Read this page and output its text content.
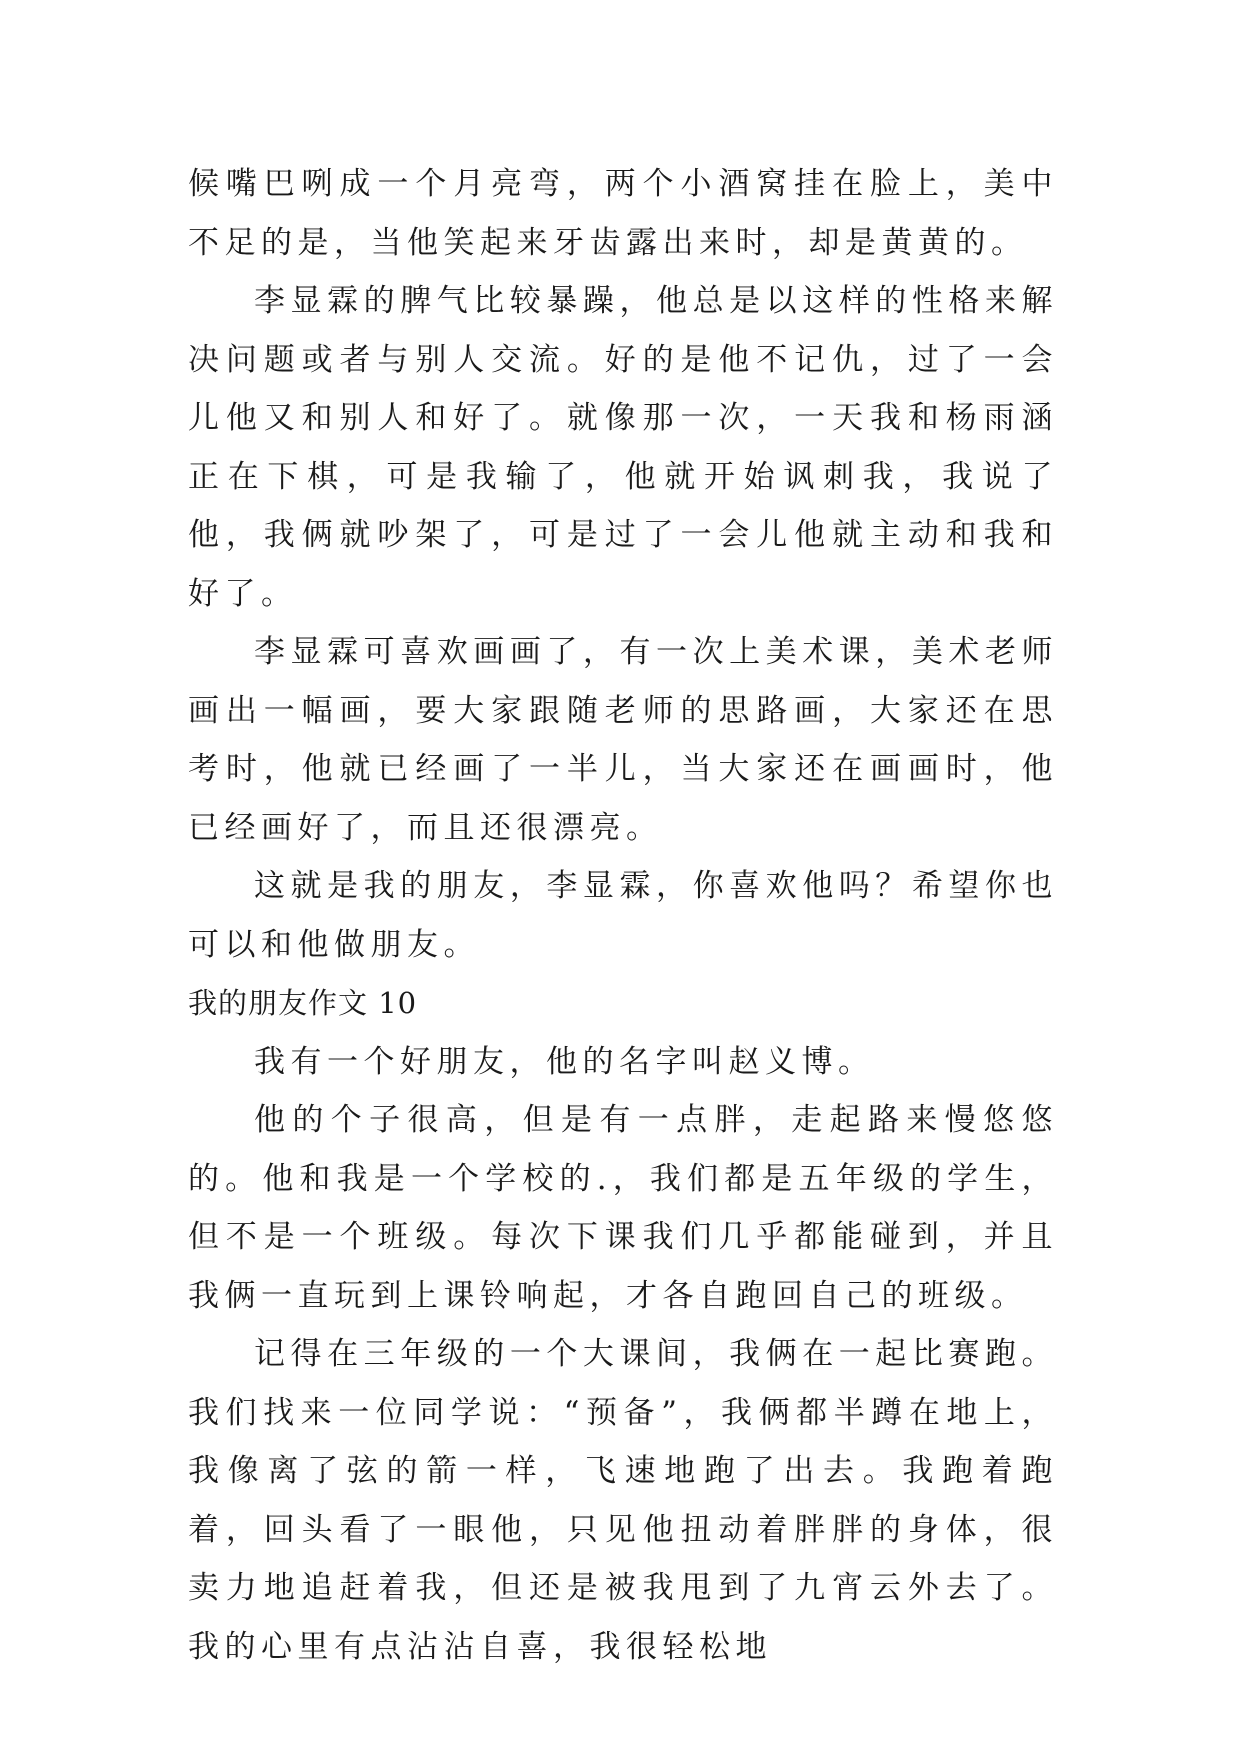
候嘴巴咧成一个月亮弯，两个小酒窝挂在脸上，美中不足的是，当他笑起来牙齿露出来时，却是黄黄的。

李显霖的脾气比较暴躁，他总是以这样的性格来解决问题或者与别人交流。好的是他不记仇，过了一会儿他又和别人和好了。就像那一次，一天我和杨雨涵正在下棋，可是我输了，他就开始讽刺我，我说了他，我俩就吵架了，可是过了一会儿他就主动和我和好了。

李显霖可喜欢画画了，有一次上美术课，美术老师画出一幅画，要大家跟随老师的思路画，大家还在思考时，他就已经画了一半儿，当大家还在画画时，他已经画好了，而且还很漂亮。

这就是我的朋友，李显霖，你喜欢他吗？希望你也可以和他做朋友。

我的朋友作文 10

我有一个好朋友，他的名字叫赵义博。

他的个子很高，但是有一点胖，走起路来慢悠悠的。他和我是一个学校的.，我们都是五年级的学生，但不是一个班级。每次下课我们几乎都能碰到，并且我俩一直玩到上课铃响起，才各自跑回自己的班级。

记得在三年级的一个大课间，我俩在一起比赛跑。我们找来一位同学说：“预备”，我俩都半蹲在地上，我像离了弦的箭一样，飞速地跑了出去。我跑着跑着，回头看了一眼他，只见他扭动着胖胖的身体，很卖力地追赶着我，但还是被我甩到了九宵云外去了。我的心里有点沾沾自喜，我很轻松地
